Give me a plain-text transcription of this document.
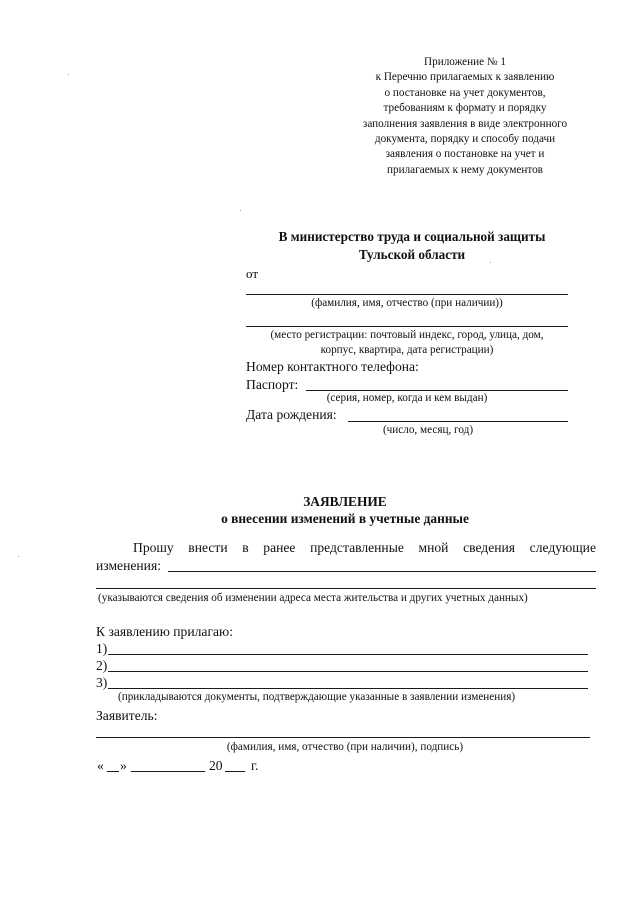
Приложение № 1
к Перечню прилагаемых к заявлению
о постановке на учет документов,
требованиям к формату и порядку
заполнения заявления в виде электронного
документа, порядку и способу подачи
заявления о постановке на учет и
прилагаемых к нему документов
В министерство труда и социальной защиты
Тульской области
от
(фамилия, имя, отчество (при наличии))
(место регистрации: почтовый индекс, город, улица, дом,
корпус, квартира, дата регистрации)
Номер контактного телефона:
Паспорт:
(серия, номер, когда и кем выдан)
Дата рождения:
(число, месяц, год)
ЗАЯВЛЕНИЕ
о внесении изменений в учетные данные
Прошу внести в ранее представленные мной сведения следующие
изменения:
(указываются сведения об изменении адреса места жительства и других учетных данных)
К заявлению прилагаю:
1)
2)
3)
(прикладываются документы, подтверждающие указанные в заявлении изменения)
Заявитель:
(фамилия, имя, отчество (при наличии), подпись)
« »	20 г.
